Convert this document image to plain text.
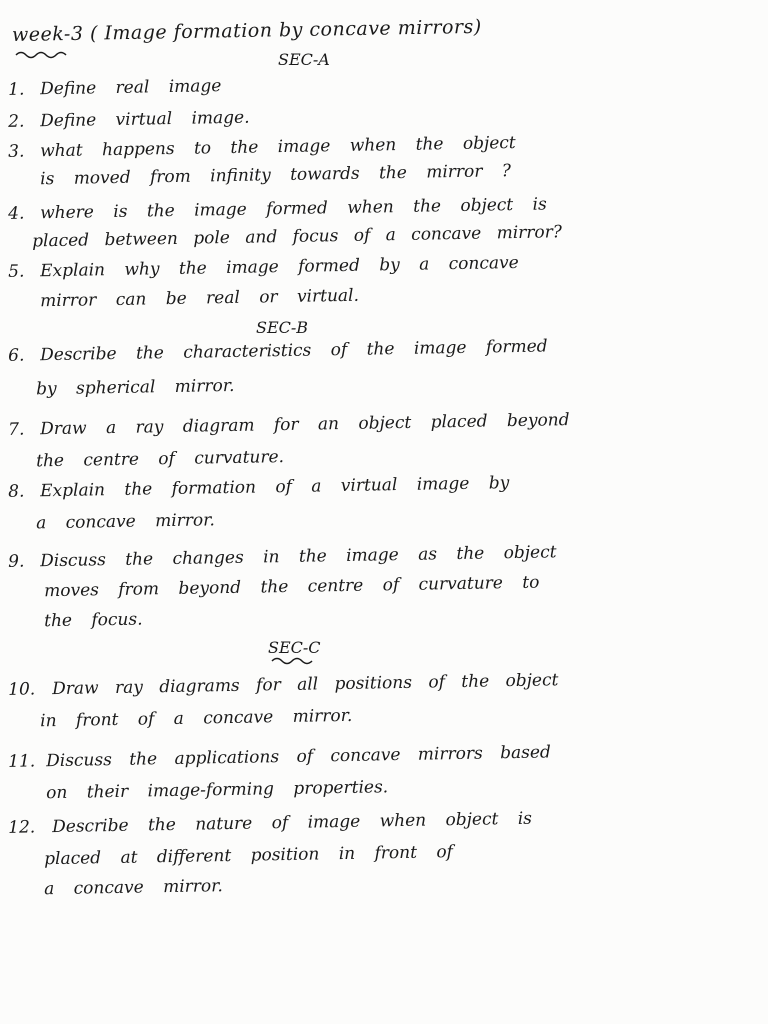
week-3 ( Image formation by concave mirrors)
SEC-A
1. Define real image
2. Define virtual image.
3. what happens to the image when the object
is moved from infinity towards the mirror ?
4. where is the image formed when the object is
placed between pole and focus of a concave mirror?
5. Explain why the image formed by a concave
mirror can be real or virtual.
SEC-B
6. Describe the characteristics of the image formed
by spherical mirror.
7. Draw a ray diagram for an object placed beyond
the centre of curvature.
8. Explain the formation of a virtual image by
a concave mirror.
9. Discuss the changes in the image as the object
moves from beyond the centre of curvature to
the focus.
SEC-C
10. Draw ray diagrams for all positions of the object
in front of a concave mirror.
11. Discuss the applications of concave mirrors based
on their image-forming properties.
12. Describe the nature of image when object is
placed at different position in front of
a concave mirror.
